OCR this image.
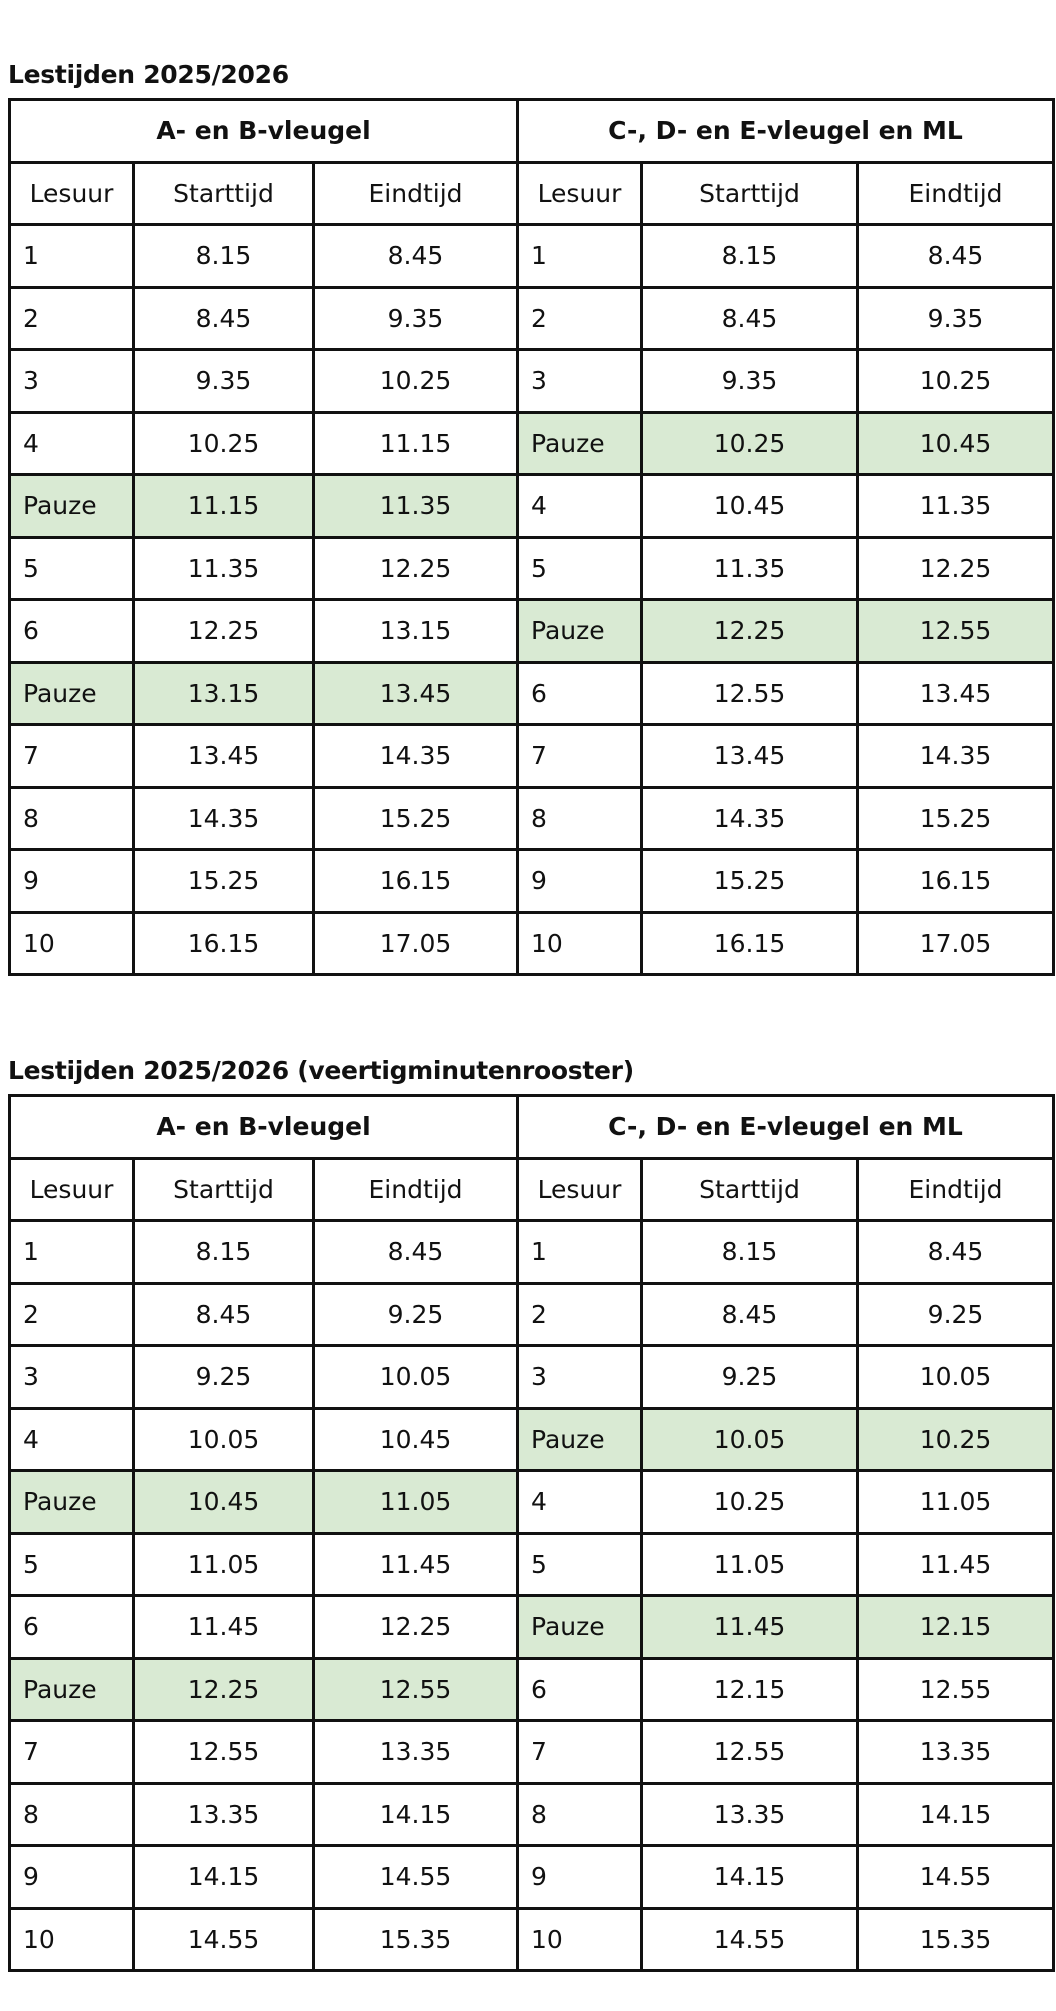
Lestijden 2025/2026
A- en B-vleugel			C-, D- en E-vleugel en ML		
Lesuur	Starttijd	Eindtijd	Lesuur	Starttijd	Eindtijd
1	8.15	8.45	1	8.15	8.45
2	8.45	9.35	2	8.45	9.35
3	9.35	10.25	3	9.35	10.25
4	10.25	11.15	Pauze	10.25	10.45
Pauze	11.15	11.35	4	10.45	11.35
5	11.35	12.25	5	11.35	12.25
6	12.25	13.15	Pauze	12.25	12.55
Pauze	13.15	13.45	6	12.55	13.45
7	13.45	14.35	7	13.45	14.35
8	14.35	15.25	8	14.35	15.25
9	15.25	16.15	9	15.25	16.15
10	16.15	17.05	10	16.15	17.05
Lestijden 2025/2026 (veertigminutenrooster)
A- en B-vleugel			C-, D- en E-vleugel en ML		
Lesuur	Starttijd	Eindtijd	Lesuur	Starttijd	Eindtijd
1	8.15	8.45	1	8.15	8.45
2	8.45	9.25	2	8.45	9.25
3	9.25	10.05	3	9.25	10.05
4	10.05	10.45	Pauze	10.05	10.25
Pauze	10.45	11.05	4	10.25	11.05
5	11.05	11.45	5	11.05	11.45
6	11.45	12.25	Pauze	11.45	12.15
Pauze	12.25	12.55	6	12.15	12.55
7	12.55	13.35	7	12.55	13.35
8	13.35	14.15	8	13.35	14.15
9	14.15	14.55	9	14.15	14.55
10	14.55	15.35	10	14.55	15.35
